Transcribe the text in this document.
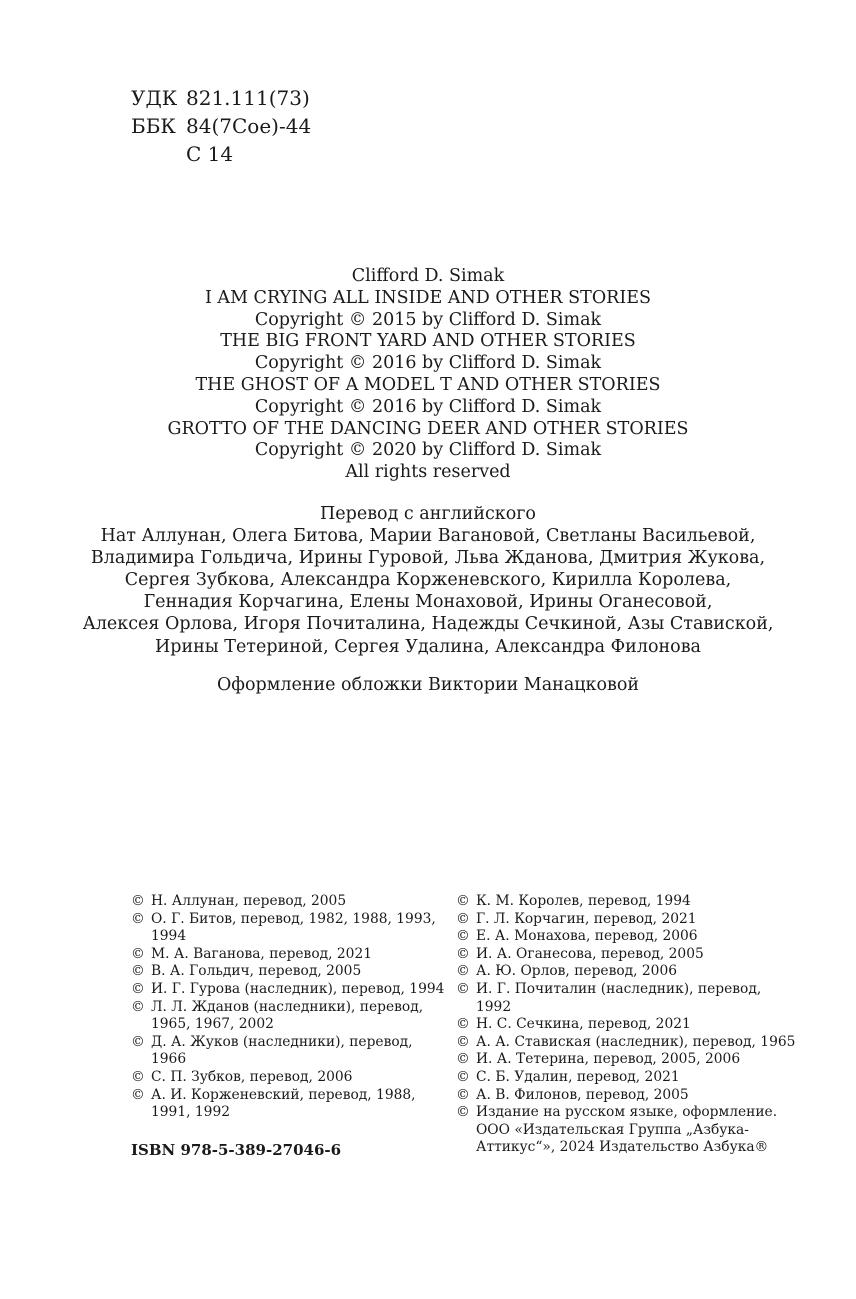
УДК 821.111(73)
ББК 84(7Сое)-44
С 14
Clifford D. Simak
I AM CRYING ALL INSIDE AND OTHER STORIES
Copyright © 2015 by Clifford D. Simak
THE BIG FRONT YARD AND OTHER STORIES
Copyright © 2016 by Clifford D. Simak
THE GHOST OF A MODEL T AND OTHER STORIES
Copyright © 2016 by Clifford D. Simak
GROTTO OF THE DANCING DEER AND OTHER STORIES
Copyright © 2020 by Clifford D. Simak
All rights reserved
Перевод с английского
Нат Аллунан, Олега Битова, Марии Вагановой, Светланы Васильевой,
Владимира Гольдича, Ирины Гуровой, Льва Жданова, Дмитрия Жукова,
Сергея Зубкова, Александра Корженевского, Кирилла Королева,
Геннадия Корчагина, Елены Монаховой, Ирины Оганесовой,
Алексея Орлова, Игоря Почиталина, Надежды Сечкиной, Азы Ставиской,
Ирины Тетериной, Сергея Удалина, Александра Филонова
Оформление обложки Виктории Манацковой
© Н. Аллунан, перевод, 2005
© О. Г. Битов, перевод, 1982, 1988, 1993, 1994
© М. А. Ваганова, перевод, 2021
© В. А. Гольдич, перевод, 2005
© И. Г. Гурова (наследник), перевод, 1994
© Л. Л. Жданов (наследники), перевод, 1965, 1967, 2002
© Д. А. Жуков (наследники), перевод, 1966
© С. П. Зубков, перевод, 2006
© А. И. Корженевский, перевод, 1988, 1991, 1992
© К. М. Королев, перевод, 1994
© Г. Л. Корчагин, перевод, 2021
© Е. А. Монахова, перевод, 2006
© И. А. Оганесова, перевод, 2005
© А. Ю. Орлов, перевод, 2006
© И. Г. Почиталин (наследник), перевод, 1992
© Н. С. Сечкина, перевод, 2021
© А. А. Ставиская (наследник), перевод, 1965
© И. А. Тетерина, перевод, 2005, 2006
© С. Б. Удалин, перевод, 2021
© А. В. Филонов, перевод, 2005
© Издание на русском языке, оформление. ООО «Издательская Группа „Азбука-Аттикус“», 2024 Издательство Азбука®
ISBN 978-5-389-27046-6
